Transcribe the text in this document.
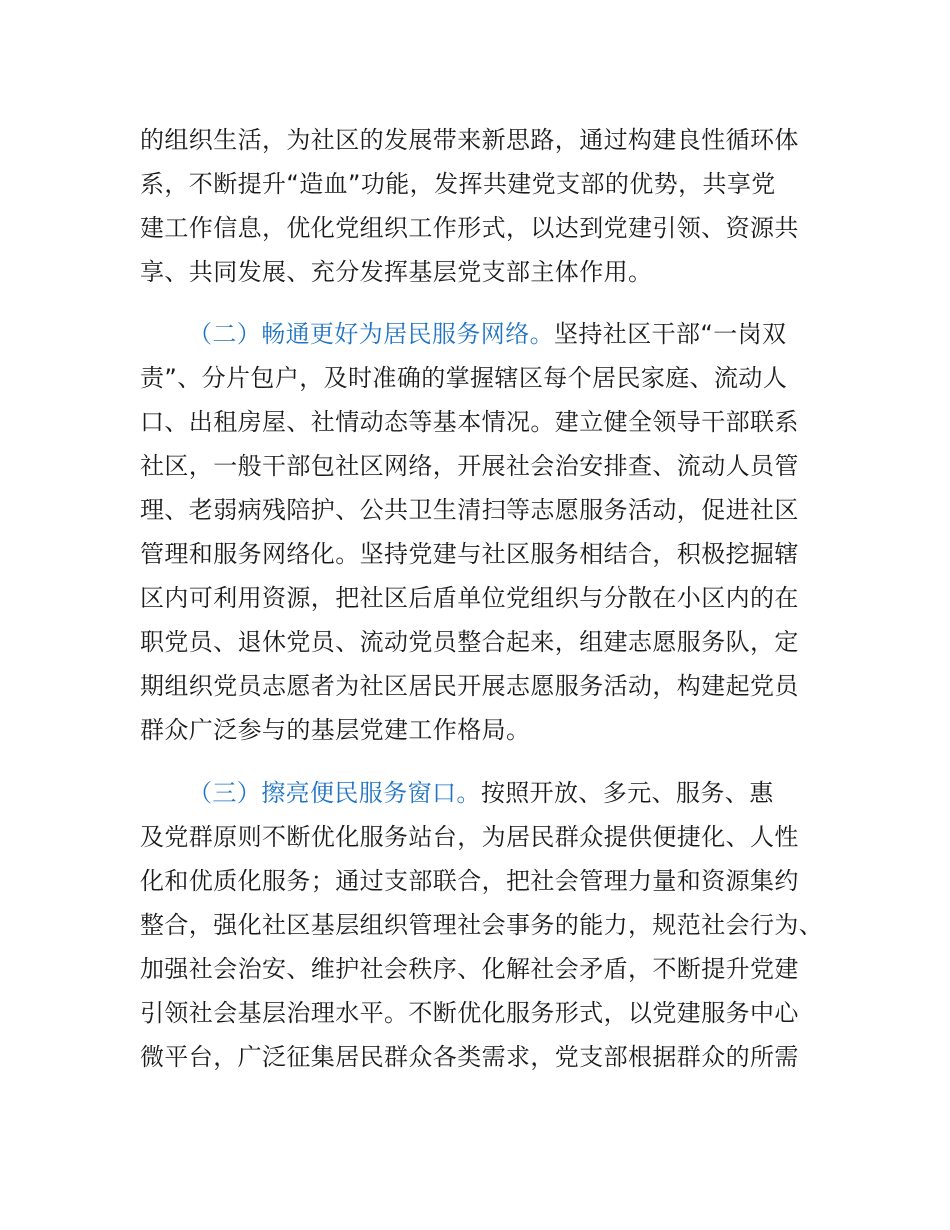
的组织生活，为社区的发展带来新思路，通过构建良性循环体
系，不断提升“造血”功能，发挥共建党支部的优势，共享党
建工作信息，优化党组织工作形式，以达到党建引领、资源共
享、共同发展、充分发挥基层党支部主体作用。
（二）畅通更好为居民服务网络。坚持社区干部“一岗双
责”、分片包户，及时准确的掌握辖区每个居民家庭、流动人
口、出租房屋、社情动态等基本情况。建立健全领导干部联系
社区，一般干部包社区网络，开展社会治安排查、流动人员管
理、老弱病残陪护、公共卫生清扫等志愿服务活动，促进社区
管理和服务网络化。坚持党建与社区服务相结合，积极挖掘辖
区内可利用资源，把社区后盾单位党组织与分散在小区内的在
职党员、退休党员、流动党员整合起来，组建志愿服务队，定
期组织党员志愿者为社区居民开展志愿服务活动，构建起党员
群众广泛参与的基层党建工作格局。
（三）擦亮便民服务窗口。按照开放、多元、服务、惠
及党群原则不断优化服务站台，为居民群众提供便捷化、人性
化和优质化服务；通过支部联合，把社会管理力量和资源集约
整合，强化社区基层组织管理社会事务的能力，规范社会行为、
加强社会治安、维护社会秩序、化解社会矛盾，不断提升党建
引领社会基层治理水平。不断优化服务形式，以党建服务中心
微平台，广泛征集居民群众各类需求，党支部根据群众的所需
